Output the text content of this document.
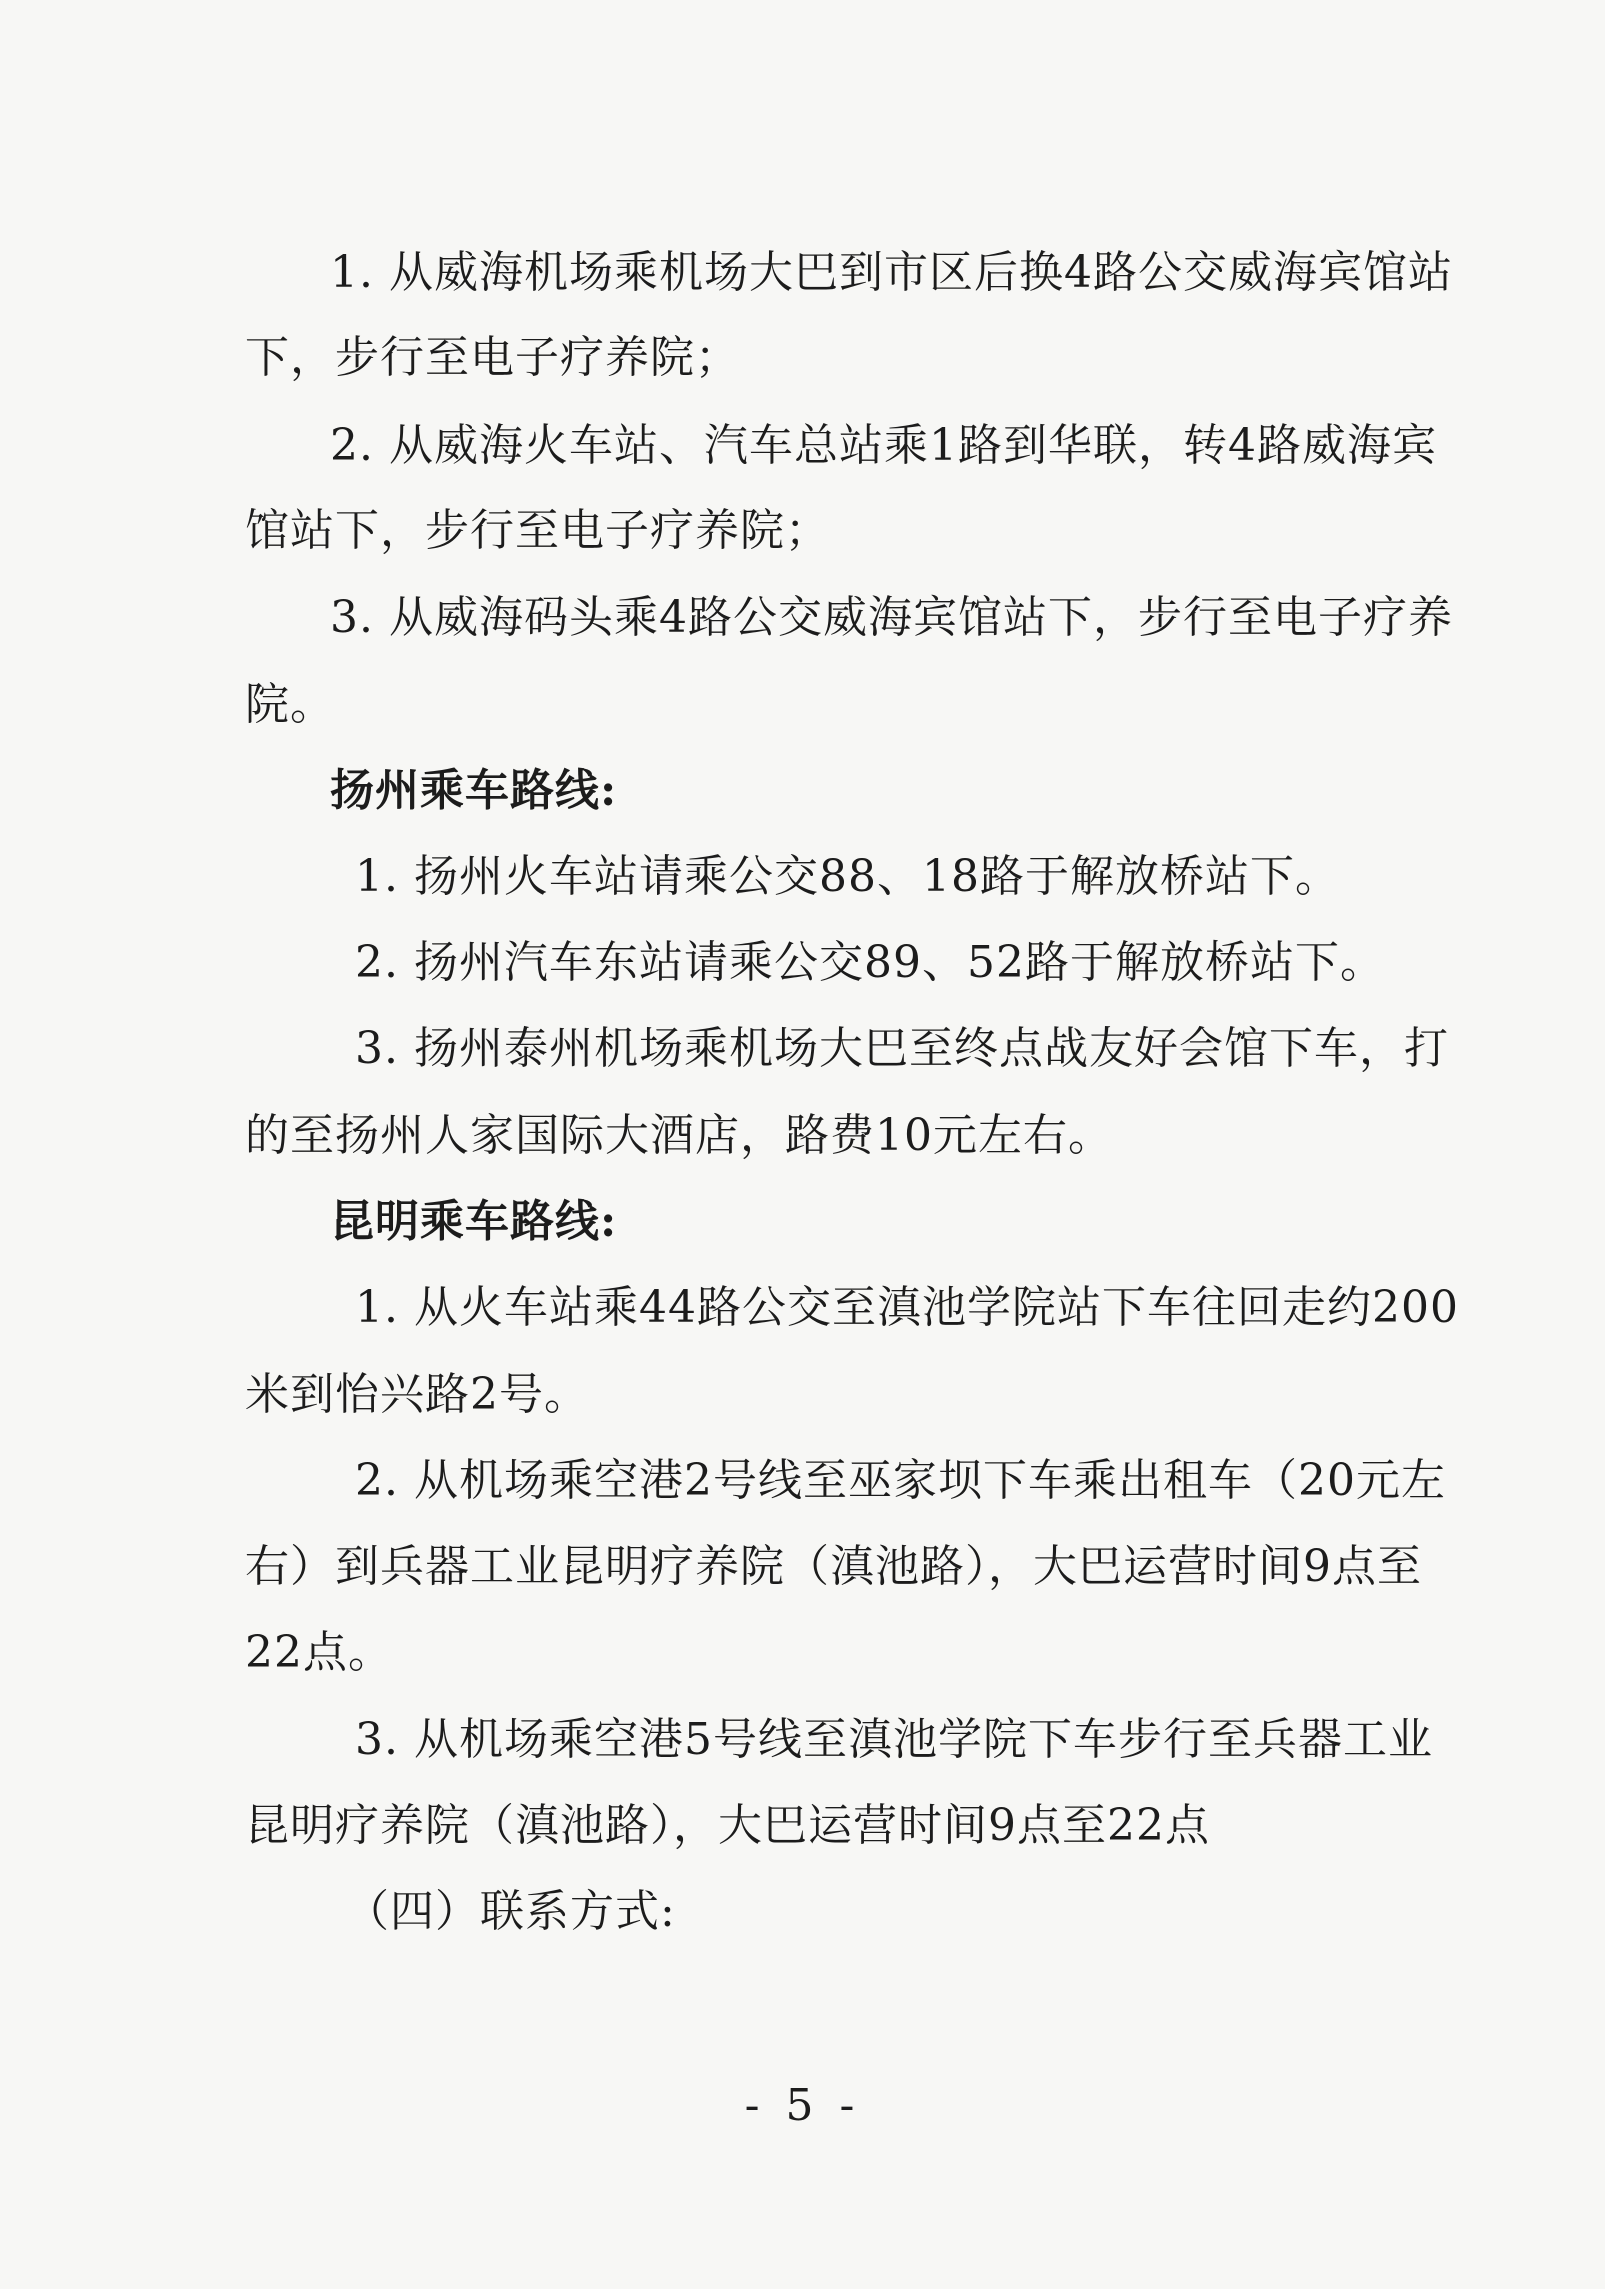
1. 从威海机场乘机场大巴到市区后换4路公交威海宾馆站
下，步行至电子疗养院；
2. 从威海火车站、汽车总站乘1路到华联，转4路威海宾
馆站下，步行至电子疗养院；
3. 从威海码头乘4路公交威海宾馆站下，步行至电子疗养
院。
扬州乘车路线:
1. 扬州火车站请乘公交88、18路于解放桥站下。
2. 扬州汽车东站请乘公交89、52路于解放桥站下。
3. 扬州泰州机场乘机场大巴至终点战友好会馆下车，打
的至扬州人家国际大酒店，路费10元左右。
昆明乘车路线:
1. 从火车站乘44路公交至滇池学院站下车往回走约200
米到怡兴路2号。
2. 从机场乘空港2号线至巫家坝下车乘出租车（20元左
右）到兵器工业昆明疗养院（滇池路），大巴运营时间9点至
22点。
3. 从机场乘空港5号线至滇池学院下车步行至兵器工业
昆明疗养院（滇池路），大巴运营时间9点至22点
（四）联系方式:
- 5 -
